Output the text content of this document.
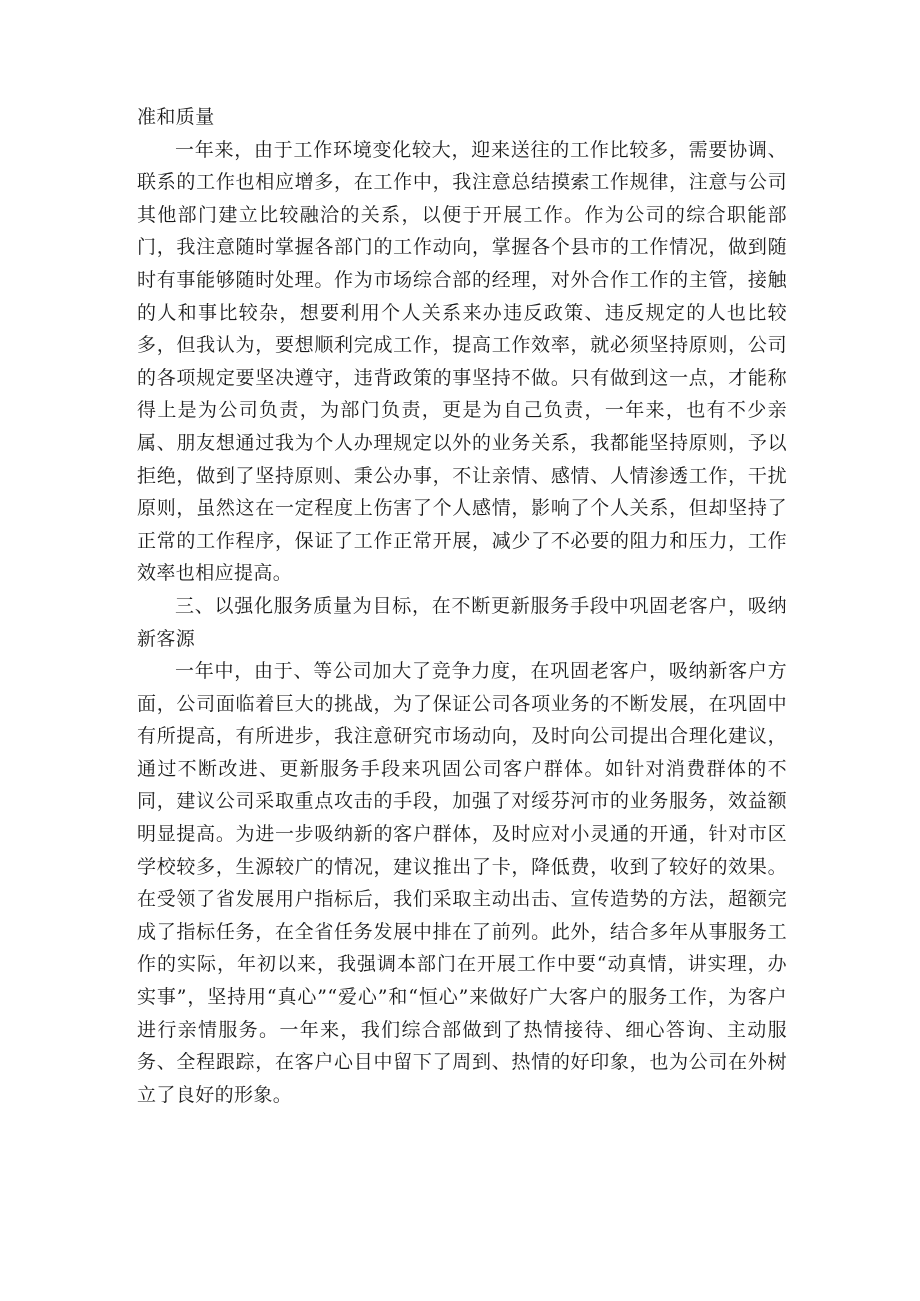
准和质量

一年来，由于工作环境变化较大，迎来送往的工作比较多，需要协调、联系的工作也相应增多，在工作中，我注意总结摸索工作规律，注意与公司其他部门建立比较融洽的关系，以便于开展工作。作为公司的综合职能部门，我注意随时掌握各部门的工作动向，掌握各个县市的工作情况，做到随时有事能够随时处理。作为市场综合部的经理，对外合作工作的主管，接触的人和事比较杂，想要利用个人关系来办违反政策、违反规定的人也比较多，但我认为，要想顺利完成工作，提高工作效率，就必须坚持原则，公司的各项规定要坚决遵守，违背政策的事坚持不做。只有做到这一点，才能称得上是为公司负责，为部门负责，更是为自己负责，一年来，也有不少亲属、朋友想通过我为个人办理规定以外的业务关系，我都能坚持原则，予以拒绝，做到了坚持原则、秉公办事，不让亲情、感情、人情渗透工作，干扰原则，虽然这在一定程度上伤害了个人感情，影响了个人关系，但却坚持了正常的工作程序，保证了工作正常开展，减少了不必要的阻力和压力，工作效率也相应提高。

三、以强化服务质量为目标，在不断更新服务手段中巩固老客户，吸纳新客源

一年中，由于、等公司加大了竞争力度，在巩固老客户，吸纳新客户方面，公司面临着巨大的挑战，为了保证公司各项业务的不断发展，在巩固中有所提高，有所进步，我注意研究市场动向，及时向公司提出合理化建议，通过不断改进、更新服务手段来巩固公司客户群体。如针对消费群体的不同，建议公司采取重点攻击的手段，加强了对绥芬河市的业务服务，效益额明显提高。为进一步吸纳新的客户群体，及时应对小灵通的开通，针对市区学校较多，生源较广的情况，建议推出了卡，降低费，收到了较好的效果。在受领了省发展用户指标后，我们采取主动出击、宣传造势的方法，超额完成了指标任务，在全省任务发展中排在了前列。此外，结合多年从事服务工作的实际，年初以来，我强调本部门在开展工作中要“动真情，讲实理，办实事”，坚持用“真心”“爱心”和“恒心”来做好广大客户的服务工作，为客户进行亲情服务。一年来，我们综合部做到了热情接待、细心答询、主动服务、全程跟踪，在客户心目中留下了周到、热情的好印象，也为公司在外树立了良好的形象。
